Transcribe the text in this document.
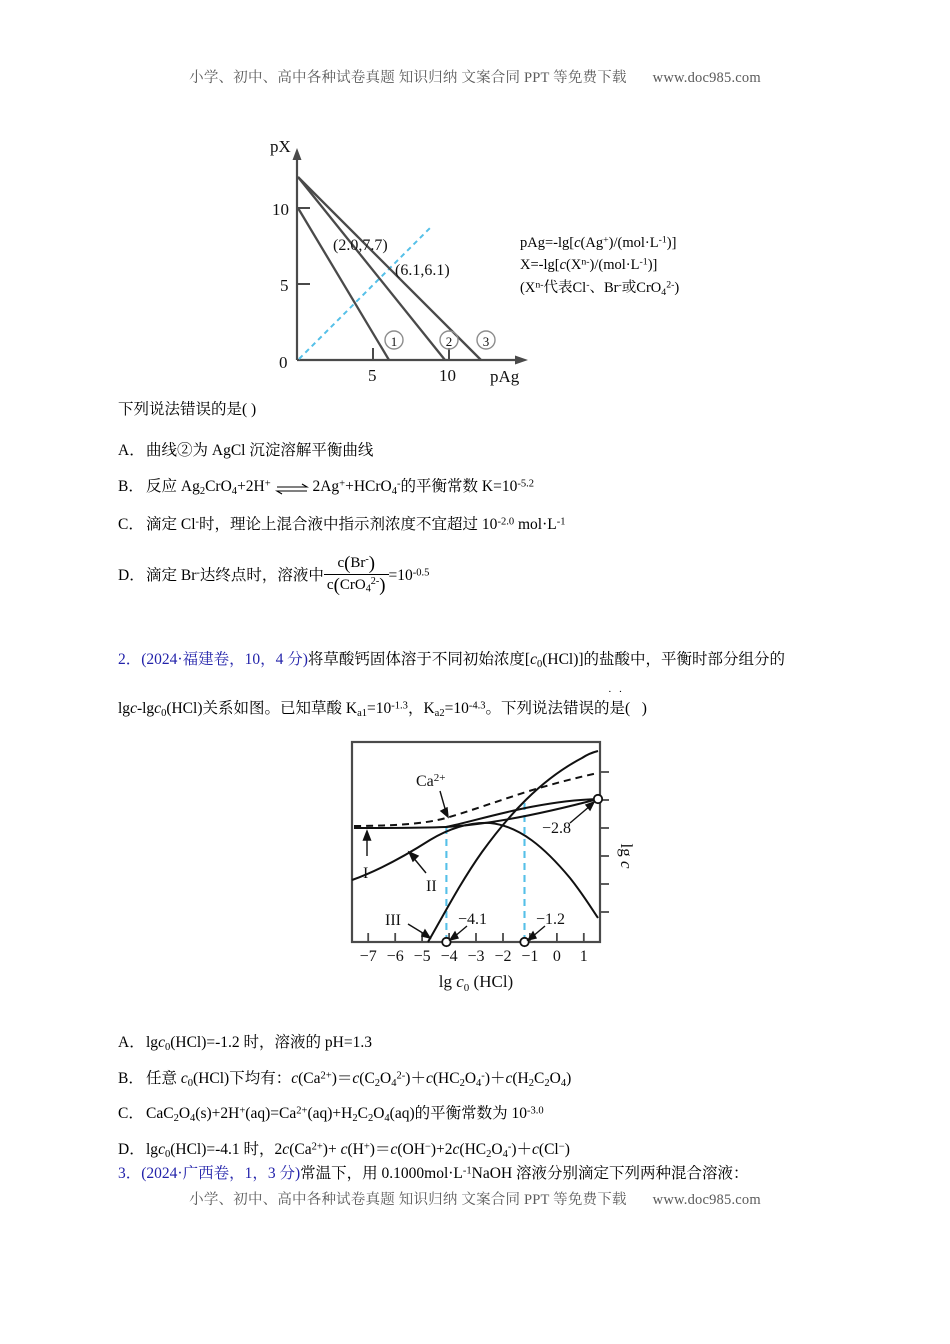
小学、初中、高中各种试卷真题 知识归纳 文案合同 PPT 等免费下载 www.doc985.com
pX
pAg
10
5
0
5	10
(2.0,7.7)
(6.1,6.1)
1	2 3
$pAg=-\lg[c(Ag^+)/(mol\cdot L^{-1})]$
$X=-\lg[c(X^{n-})/(mol\cdot L^{-1})]$
($X^{n-}$代表Cl-、Br-或CrO$_4^{2-}$)
下列说法错误的是( )
A．曲线②为 AgCl 沉淀溶解平衡曲线
B． 反应 $Ag_2CrO_4+2H^+$
2Ag++HCrO$_4$-的平衡常数 $K=10^{-5.2}$
C． 滴定 Cl-时，理论上混合液中指示剂浓度不宜超过 $10^{-2.0}$ $mol\cdot L^{-1}$
D．滴定 Br-达终点时，溶液中 $\frac{c(Br^-)}{c(CrO_4^{2-})} =10^{-0.5}$
2．(2024·福建卷，10，4 分)将草酸钙固体溶于不同初始浓度$[c_0(HCl)]$的盐酸中，平衡时部分组分的
lgc-lgc$_0$(HCl)关系如图。已知草酸 $K_{a1}=10^{-1.3}$，$K_{a2}=10^{-4.3}$。下列说法错误的是(   )
··
I
II
III
$Ca^{2+}$
−4.1	−1.2
−2.8
−7 −6 −5 −4 −3 −2 −1 0 1
$\lg c_0$ (HCl)
lg c
A．lgc$_0$(HCl)=-1.2 时，溶液的 pH=1.3
B． 任意 $c_0(HCl)$下均有：$c(Ca^{2+})=c(C_2O_4^{2-})+c(HC_2O_4^-)+c(H_2C_2O_4)$
C． $CaC_2O_4(s)+2H^+(aq)=Ca^{2+}(aq)+H_2C_2O_4(aq)$的平衡常数为 $10^{-3.0}$
D．lgc$_0$(HCl)=-4.1 时，$2c(Ca^{2+})+ c(H^+)=c(OH^-)+2c(HC_2O_4^-)+c(Cl^-)$
3．(2024·广西卷，1，3 分)常温下，用 $0.1000mol\cdot L^{-1}NaOH$ 溶液分别滴定下列两种混合溶液：
小学、初中、高中各种试卷真题 知识归纳 文案合同 PPT 等免费下载 www.doc985.com
